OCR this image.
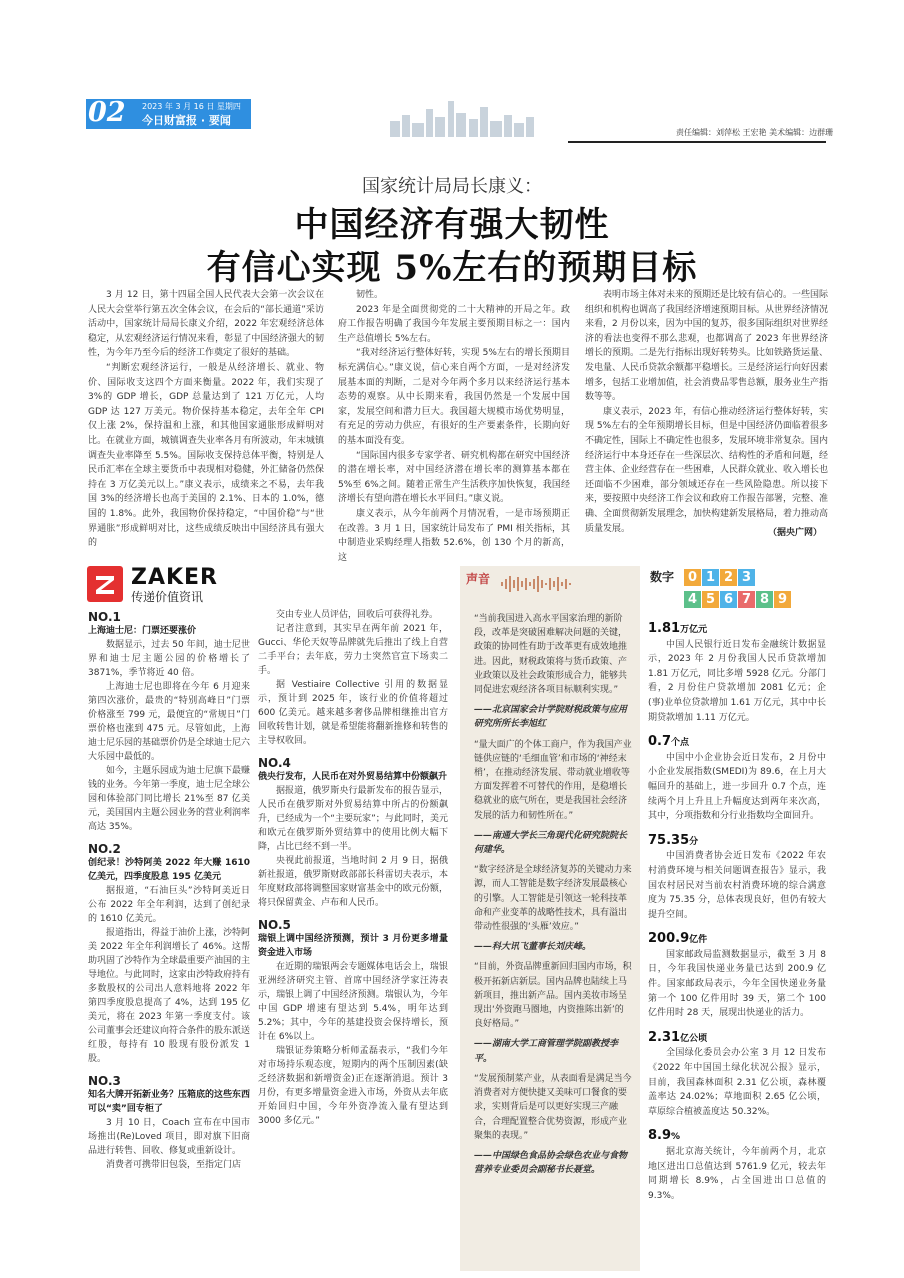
02 2023 年 3 月 16 日 星期四
今日财富报 · 要闻
责任编辑：刘萍松 王宏艳 美术编辑：边群珊
国家统计局局长康义：
中国经济有强大韧性
有信心实现 5%左右的预期目标

3 月 12 日，第十四届全国人民代表大会第一次会议在人民大会堂举行第五次全体会议，在会后的“部长通道”采访活动中，国家统计局局长康义介绍，2022 年宏观经济总体稳定，从宏观经济运行情况来看，彰显了中国经济强大的韧性，为今年乃至今后的经济工作奠定了很好的基础。

“判断宏观经济运行，一般是从经济增长、就业、物价、国际收支这四个方面来衡量。2022 年，我们实现了3%的 GDP 增长，GDP 总量达到了 121 万亿元，人均 GDP 达 127 万美元。物价保持基本稳定，去年全年 CPI 仅上涨 2%，保持温和上涨，和其他国家通胀形成鲜明对比。在就业方面，城镇调查失业率各月有所波动，年末城镇调查失业率降至 5.5%。国际收支保持总体平衡，特别是人民币汇率在全球主要货币中表现相对稳健，外汇储备仍然保持在 3 万亿美元以上。”康义表示，成绩来之不易，去年我国 3%的经济增长也高于美国的 2.1%、日本的 1.0%，德国的 1.8%。此外，我国物价保持稳定，“中国价稳”与“世界通胀”形成鲜明对比，这些成绩反映出中国经济具有强大的

韧性。

2023 年是全面贯彻党的二十大精神的开局之年。政府工作报告明确了我国今年发展主要预期目标之一：国内生产总值增长 5%左右。

“我对经济运行整体好转，实现 5%左右的增长预期目标充满信心。”康义说，信心来自两个方面，一是对经济发展基本面的判断，二是对今年两个多月以来经济运行基本态势的观察。从中长期来看，我国仍然是一个发展中国家，发展空间和潜力巨大。我国超大规模市场优势明显，有充足的劳动力供应，有很好的生产要素条件，长期向好的基本面没有变。

“国际国内很多专家学者、研究机构都在研究中国经济的潜在增长率，对中国经济潜在增长率的测算基本都在 5%至 6%之间。随着正常生产生活秩序加快恢复，我国经济增长有望向潜在增长水平回归。”康义说。

康义表示，从今年前两个月情况看，一是市场预期正在改善。3 月 1 日，国家统计局发布了 PMI 相关指标，其中制造业采购经理人指数 52.6%，创 130 个月的新高，这

表明市场主体对未来的预期还是比较有信心的。一些国际组织和机构也调高了我国经济增速预期目标。从世界经济情况来看，2 月份以来，因为中国的复苏，很多国际组织对世界经济的看法也变得不那么悲观，也都调高了 2023 年世界经济增长的预期。二是先行指标出现好转势头。比如铁路货运量、发电量、人民币贷款余额都平稳增长。三是经济运行向好因素增多，包括工业增加值，社会消费品零售总额，服务业生产指数等等。

康义表示，2023 年，有信心推动经济运行整体好转，实现 5%左右的全年预期增长目标，但是中国经济仍面临着很多不确定性，国际上不确定性也很多，发展环境非常复杂。国内经济运行中本身还存在一些深层次、结构性的矛盾和问题，经营主体、企业经营存在一些困难，人民群众就业、收入增长也还面临不少困难，部分领域还存在一些风险隐患。所以接下来，要按照中央经济工作会议和政府工作报告部署，完整、准确、全面贯彻新发展理念，加快构建新发展格局，着力推动高质量发展。	（据央广网）
ZAKER
传递价值资讯
NO.1
上海迪士尼：门票还要涨价

数据显示，过去 50 年间，迪士尼世界和迪士尼主题公园的价格增长了 3871%，季节将近 40 倍。

上海迪士尼也即将在今年 6 月迎来第四次涨价，最贵的“特别高峰日”门票价格涨至 799 元，最便宜的“常规日”门票价格也涨到 475 元。尽管如此，上海迪士尼乐园的基础票价仍是全球迪士尼六大乐园中最低的。

如今，主题乐园成为迪士尼旗下最赚钱的业务。今年第一季度，迪士尼全球公园和体验部门同比增长 21%至 87 亿美元，美国国内主题公园业务的营业利润率高达 35%。

NO.2
创纪录！沙特阿美 2022 年大赚 1610 亿美元，四季度股息 195 亿美元

据报道，“石油巨头”沙特阿美近日公布 2022 年全年利润，达到了创纪录的 1610 亿美元。

报道指出，得益于油价上涨，沙特阿美 2022 年全年利润增长了 46%。这帮助巩固了沙特作为全球最重要产油国的主导地位。与此同时，这家由沙特政府持有多数股权的公司出人意料地将 2022 年第四季度股息提高了 4%，达到 195 亿美元，将在 2023 年第一季度支付。该公司董事会还建议向符合条件的股东派送红股，每持有 10 股现有股份派发 1 股。

NO.3
知名大牌开拓新业务？压箱底的这些东西可以“卖”回专柜了

3 月 10 日，Coach 宣布在中国市场推出(Re)Loved 项目，即对旗下旧商品进行转售、回收、修复或重新设计。

消费者可携带旧包袋，至指定门店

交由专业人员评估，回收后可获得礼券。

记者注意到，其实早在两年前 2021 年，Gucci、华伦天奴等品牌就先后推出了线上自营二手平台；去年底，劳力士突然官宣下场卖二手。

据 Vestiaire Collective 引用的数据显示，预计到 2025 年，该行业的价值将超过 600 亿美元。越来越多奢侈品牌相继推出官方回收转售计划，就是希望能将翻新推修和转售的主导权收回。

NO.4
俄央行发布，人民币在对外贸易结算中份额飙升

据报道，俄罗斯央行最新发布的报告显示，人民币在俄罗斯对外贸易结算中所占的份额飙升，已经成为一个“主要玩家”；与此同时，美元和欧元在俄罗斯外贸结算中的使用比例大幅下降，占比已经不到一半。

央视此前报道，当地时间 2 月 9 日，据俄新社报道，俄罗斯财政部部长科雷切夫表示，本年度财政部将调整国家财富基金中的欧元份额，将只保留黄金、卢布和人民币。

NO.5
瑞银上调中国经济预测，预计 3 月份更多增量资金进入市场

在近期的瑞银两会专题媒体电话会上，瑞银亚洲经济研究主管、首席中国经济学家汪涛表示，瑞银上调了中国经济预测。瑞银认为，今年中国 GDP 增速有望达到 5.4%，明年达到 5.2%；其中，今年的基建投资会保持增长，预计在 6%以上。

瑞银证券策略分析师孟磊表示，“我们今年对市场持乐观态度，短期内的两个压制因素(缺乏经济数据和新增资金)正在逐渐消退。预计 3 月份，有更多增量资金进入市场，外资从去年底开始回归中国，今年外资净流入量有望达到 3000 多亿元。”

声音

“当前我国进入高水平国家治理的新阶段，改革是突破困难解决问题的关键，政策的协同性有助于改革更有成效地推进。因此，财税政策将与货币政策、产业政策以及社会政策形成合力，能够共同促进宏观经济各项目标顺利实现。”

——北京国家会计学院财税政策与应用研究所所长李旭红

“量大面广的个体工商户，作为我国产业链供应链的‘毛细血管’和市场的‘神经末梢’，在推动经济发展、带动就业增收等方面发挥着不可替代的作用，是稳增长稳就业的底气所在，更是我国社会经济发展的活力和韧性所在。”

——南通大学长三角现代化研究院院长何建华。

“数字经济是全球经济复苏的关键动力来源，而人工智能是数字经济发展最核心的引擎。人工智能是引领这一轮科技革命和产业变革的战略性技术，具有溢出带动性很强的‘头雁’效应。”

——科大讯飞董事长刘庆峰。

“目前，外资品牌重新回归国内市场，积极开拓新店新层。国内品牌也陆续上马新项目，推出新产品。国内美妆市场呈现出‘外资跑马圈地，内资推陈出新’的良好格局。”

——湖南大学工商管理学院副教授李平。

“发展预制菜产业，从表面看是满足当今消费者对方便快捷又美味可口餐食的要求，实则背后是可以更好实现三产融合，合理配置整合优势资源，形成产业聚集的表现。”

——中国绿色食品协会绿色农业与食物营养专业委员会副秘书长聂堂。

数字	0 1 2 3
4 5 6 7 8 9
1.81万亿元

中国人民银行近日发布金融统计数据显示，2023 年 2 月份我国人民币贷款增加 1.81 万亿元，同比多增 5928 亿元。分部门看，2 月份住户贷款增加 2081 亿元；企(事)业单位贷款增加 1.61 万亿元，其中中长期贷款增加 1.11 万亿元。

0.7个点

中国中小企业协会近日发布，2 月份中小企业发展指数(SMEDI)为 89.6，在上月大幅回升的基础上，进一步回升 0.7 个点，连续两个月上升且上升幅度达到两年来次高，其中，分项指数和分行业指数均全面回升。

75.35分

中国消费者协会近日发布《2022 年农村消费环境与相关问题调查报告》显示，我国农村居民对当前农村消费环境的综合满意度为 75.35 分，总体表现良好，但仍有较大提升空间。

200.9亿件

国家邮政局监测数据显示，截至 3 月 8 日，今年我国快递业务量已达到 200.9 亿件。国家邮政局表示，今年全国快递业务量第一个 100 亿件用时 39 天，第二个 100 亿件用时 28 天，展现出快递业的活力。

2.31亿公顷

全国绿化委员会办公室 3 月 12 日发布《2022 年中国国土绿化状况公报》显示，目前，我国森林面积 2.31 亿公顷，森林覆盖率达 24.02%；草地面积 2.65 亿公顷，草原综合植被盖度达 50.32%。

8.9%

据北京海关统计，今年前两个月，北京地区进出口总值达到 5761.9 亿元，较去年同期增长 8.9%，占全国进出口总值的 9.3%。
